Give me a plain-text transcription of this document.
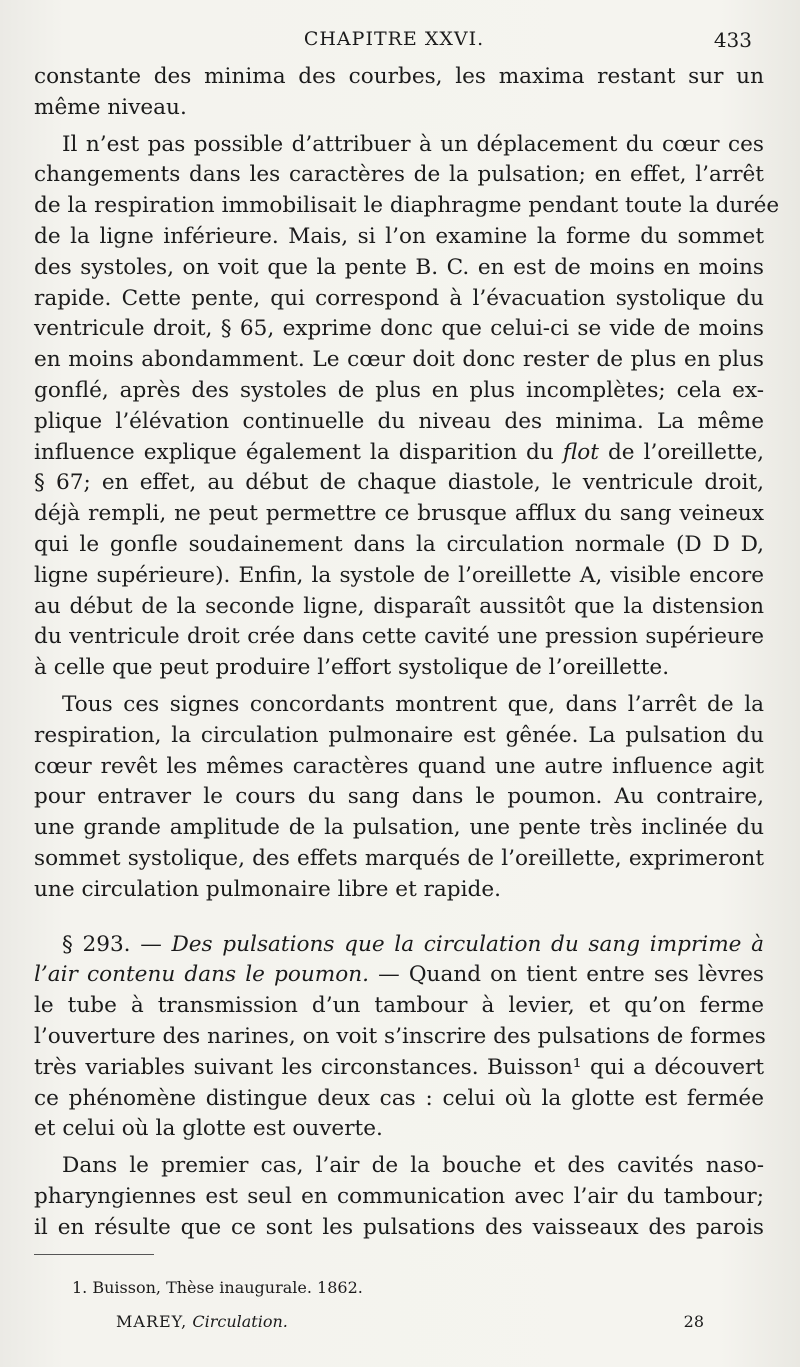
CHAPITRE XXVI.	433
constante des minima des courbes, les maxima restant sur un
même niveau.
Il n’est pas possible d’attribuer à un déplacement du cœur ces
changements dans les caractères de la pulsation; en effet, l’arrêt
de la respiration immobilisait le diaphragme pendant toute la durée
de la ligne inférieure. Mais, si l’on examine la forme du sommet
des systoles, on voit que la pente B. C. en est de moins en moins
rapide. Cette pente, qui correspond à l’évacuation systolique du
ventricule droit, § 65, exprime donc que celui-ci se vide de moins
en moins abondamment. Le cœur doit donc rester de plus en plus
gonflé, après des systoles de plus en plus incomplètes; cela ex-
plique l’élévation continuelle du niveau des minima. La même
influence explique également la disparition du flot de l’oreillette,
§ 67; en effet, au début de chaque diastole, le ventricule droit,
déjà rempli, ne peut permettre ce brusque afflux du sang veineux
qui le gonfle soudainement dans la circulation normale (D D D,
ligne supérieure). Enfin, la systole de l’oreillette A, visible encore
au début de la seconde ligne, disparaît aussitôt que la distension
du ventricule droit crée dans cette cavité une pression supérieure
à celle que peut produire l’effort systolique de l’oreillette.
Tous ces signes concordants montrent que, dans l’arrêt de la
respiration, la circulation pulmonaire est gênée. La pulsation du
cœur revêt les mêmes caractères quand une autre influence agit
pour entraver le cours du sang dans le poumon. Au contraire,
une grande amplitude de la pulsation, une pente très inclinée du
sommet systolique, des effets marqués de l’oreillette, exprimeront
une circulation pulmonaire libre et rapide.
§ 293. — Des pulsations que la circulation du sang imprime à
l’air contenu dans le poumon. — Quand on tient entre ses lèvres
le tube à transmission d’un tambour à levier, et qu’on ferme
l’ouverture des narines, on voit s’inscrire des pulsations de formes
très variables suivant les circonstances. Buisson¹ qui a découvert
ce phénomène distingue deux cas : celui où la glotte est fermée
et celui où la glotte est ouverte.
Dans le premier cas, l’air de la bouche et des cavités naso-
pharyngiennes est seul en communication avec l’air du tambour;
il en résulte que ce sont les pulsations des vaisseaux des parois
1. Buisson, Thèse inaugurale. 1862.
MAREY, Circulation.	28
